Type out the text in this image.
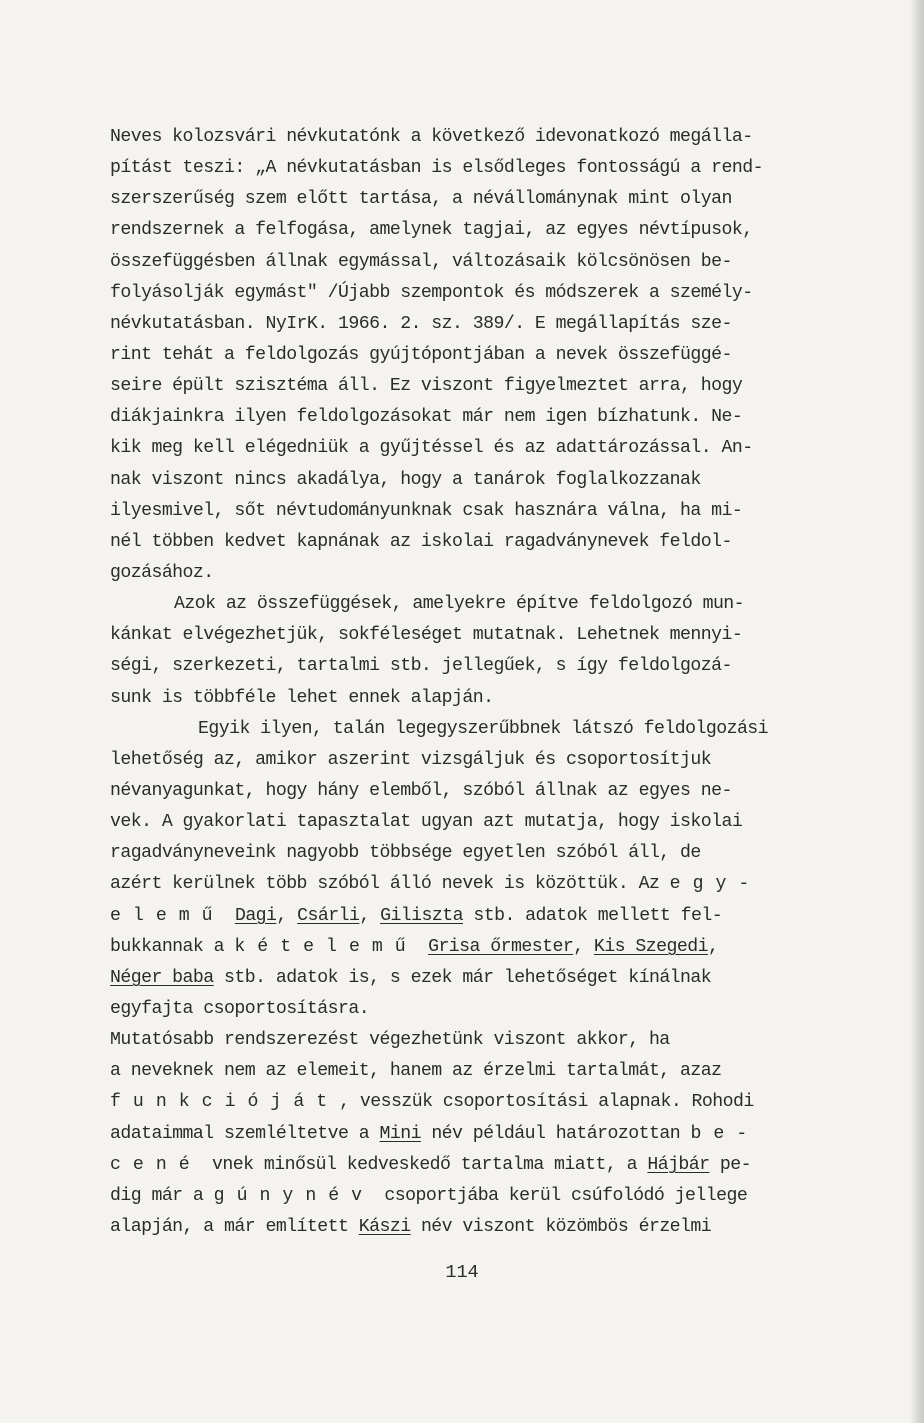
Neves kolozsvári névkutatónk a következő idevonatkozó megálla-
pítást teszi: „A névkutatásban is elsődleges fontosságú a rend-
szerszerűség szem előtt tartása, a névállománynak mint olyan
rendszernek a felfogása, amelynek tagjai, az egyes névtípusok,
összefüggésben állnak egymással, változásaik kölcsönösen be-
folyásolják egymást" /Újabb szempontok és módszerek a személy-
névkutatásban. NyIrK. 1966. 2. sz. 389/. E megállapítás sze-
rint tehát a feldolgozás gyújtópontjában a nevek összefüggé-
seire épült szisztéma áll. Ez viszont figyelmeztet arra, hogy
diákjainkra ilyen feldolgozásokat már nem igen bízhatunk. Ne-
kik meg kell elégedniük a gyűjtéssel és az adattározással. An-
nak viszont nincs akadálya, hogy a tanárok foglalkozzanak
ilyesmivel, sőt névtudományunknak csak hasznára válna, ha mi-
nél többen kedvet kapnának az iskolai ragadványnevek feldol-
gozásához.
Azok az összefüggések, amelyekre építve feldolgozó mun-
kánkat elvégezhetjük, sokféleséget mutatnak. Lehetnek mennyi-
ségi, szerkezeti, tartalmi stb. jellegűek, s így feldolgozá-
sunk is többféle lehet ennek alapján.
Egyik ilyen, talán legegyszerűbbnek látszó feldolgozási
lehetőség az, amikor aszerint vizsgáljuk és csoportosítjuk
névanyagunkat, hogy hány elemből, szóból állnak az egyes ne-
vek. A gyakorlati tapasztalat ugyan azt mutatja, hogy iskolai
ragadványneveink nagyobb többsége egyetlen szóból áll, de
azért kerülnek több szóból álló nevek is közöttük. Az egy-
elemű Dagi, Csárli, Giliszta stb. adatok mellett fel-
bukkannak a kételemű Grisa őrmester, Kis Szegedi,
Néger baba stb. adatok is, s ezek már lehetőséget kínálnak
egyfajta csoportosításra.
Mutatósabb rendszerezést végezhetünk viszont akkor, ha
a neveknek nem az elemeit, hanem az érzelmi tartalmát, azaz
funkcióját, vesszük csoportosítási alapnak. Rohodi
adataimmal szemléltetve a Mini név például határozottan be-
cené vnek minősül kedveskedő tartalma miatt, a Hájbár pe-
dig már a gúnynév csoportjába kerül csúfolódó jellege
alapján, a már említett Kászi név viszont közömbös érzelmi
114
